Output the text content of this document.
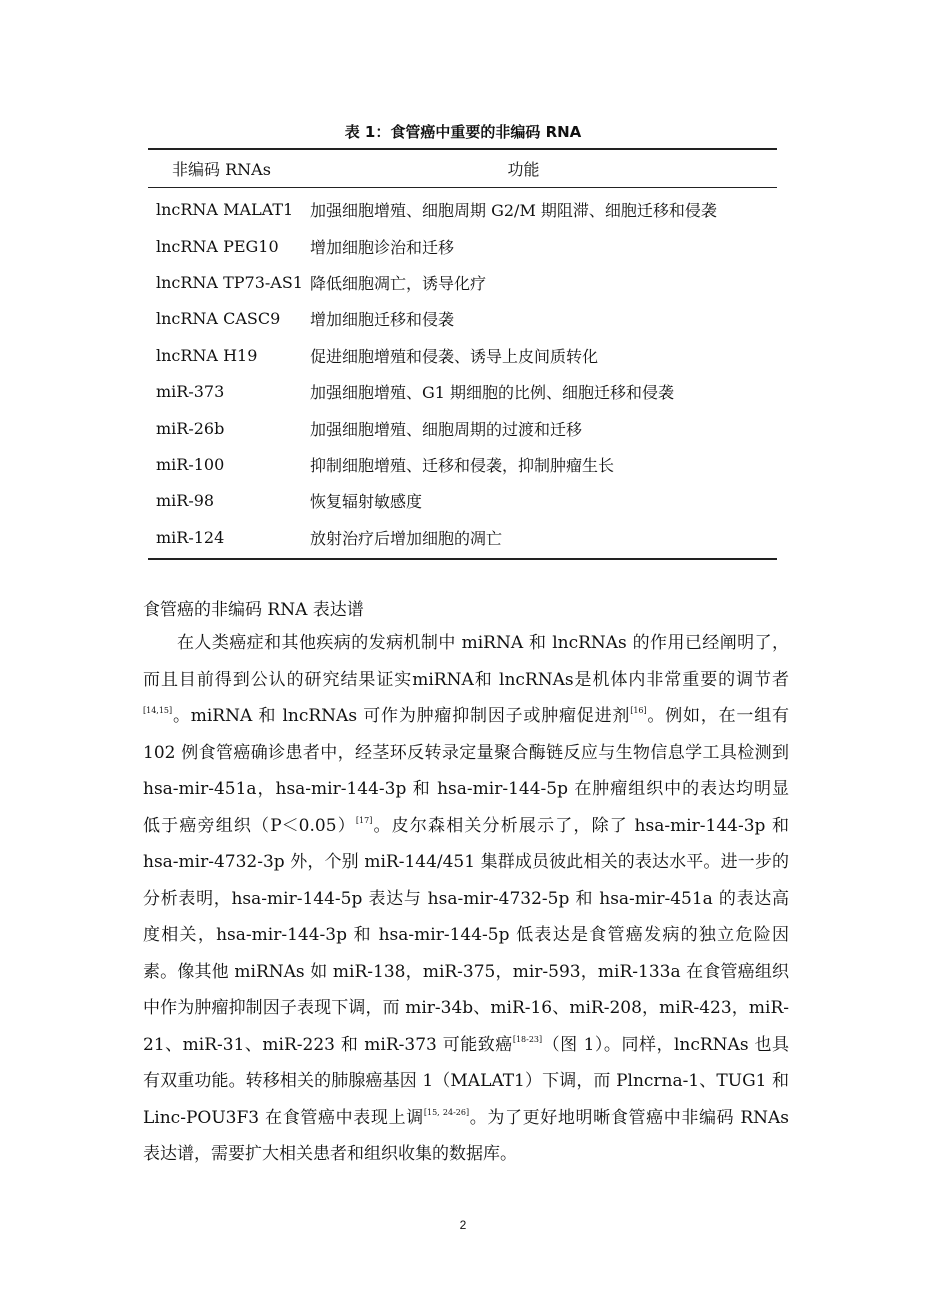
表 1：食管癌中重要的非编码 RNA
非编码 RNAs	功能
lncRNA MALAT1	加强细胞增殖、细胞周期 G2/M 期阻滞、细胞迁移和侵袭
lncRNA PEG10	增加细胞诊治和迁移
lncRNA TP73-AS1 降低细胞凋亡，诱导化疗
lncRNA CASC9	增加细胞迁移和侵袭
lncRNA H19	促进细胞增殖和侵袭、诱导上皮间质转化
miR-373	加强细胞增殖、G1 期细胞的比例、细胞迁移和侵袭
miR-26b	加强细胞增殖、细胞周期的过渡和迁移
miR-100	抑制细胞增殖、迁移和侵袭，抑制肿瘤生长
miR-98	恢复辐射敏感度
miR-124	放射治疗后增加细胞的凋亡
食管癌的非编码 RNA 表达谱
在人类癌症和其他疾病的发病机制中 miRNA 和 lncRNAs 的作用已经阐明了，而且目前得到公认的研究结果证实miRNA和 lncRNAs是机体内非常重要的调节者[14,15]。miRNA 和 lncRNAs 可作为肿瘤抑制因子或肿瘤促进剂[16]。例如，在一组有 102 例食管癌确诊患者中，经茎环反转录定量聚合酶链反应与生物信息学工具检测到 hsa-mir-451a，hsa-mir-144-3p 和 hsa-mir-144-5p 在肿瘤组织中的表达均明显低于癌旁组织（P＜0.05）[17]。皮尔森相关分析展示了，除了 hsa-mir-144-3p 和 hsa-mir-4732-3p 外，个别 miR-144/451 集群成员彼此相关的表达水平。进一步的分析表明，hsa-mir-144-5p 表达与 hsa-mir-4732-5p 和 hsa-mir-451a 的表达高度相关，hsa-mir-144-3p 和 hsa-mir-144-5p 低表达是食管癌发病的独立危险因素。像其他 miRNAs 如 miR-138，miR-375，mir-593，miR-133a 在食管癌组织中作为肿瘤抑制因子表现下调，而 mir-34b、miR-16、miR-208，miR-423，miR-21、miR-31、miR-223 和 miR-373 可能致癌[18-23]（图 1）。同样，lncRNAs 也具有双重功能。转移相关的肺腺癌基因 1（MALAT1）下调，而 Plncrna-1、TUG1 和 Linc-POU3F3 在食管癌中表现上调[15, 24-26]。为了更好地明晰食管癌中非编码 RNAs 表达谱，需要扩大相关患者和组织收集的数据库。
2
